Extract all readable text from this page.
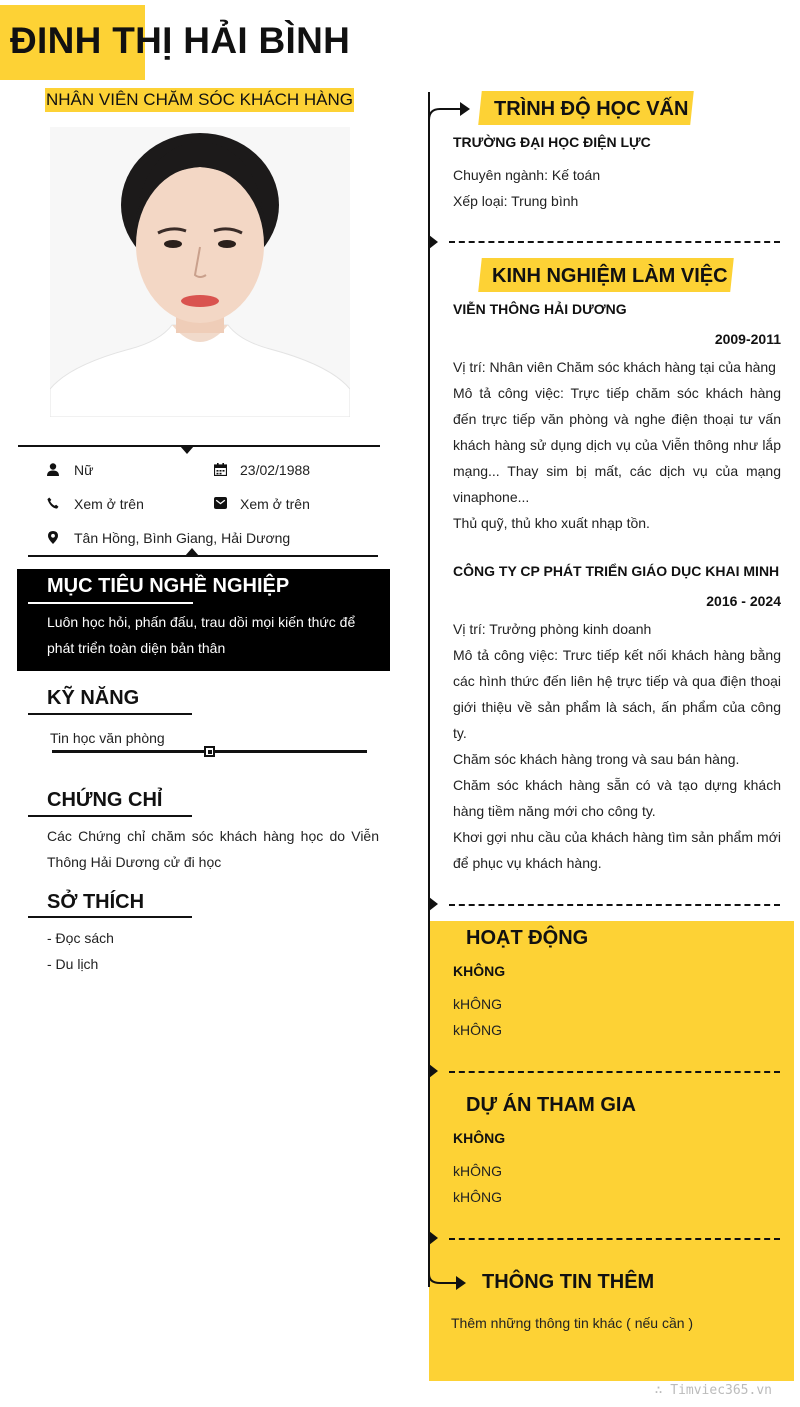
ĐINH THỊ HẢI BÌNH
NHÂN VIÊN CHĂM SÓC KHÁCH HÀNG
Nữ	23/02/1988
Xem ở trên	Xem ở trên
Tân Hồng, Bình Giang, Hải Dương
MỤC TIÊU NGHỀ NGHIỆP
Luôn học hỏi, phấn đấu, trau dồi mọi kiến thức để phát triển toàn diện bản thân
KỸ NĂNG
Tin học văn phòng
CHỨNG CHỈ
Các Chứng chỉ chăm sóc khách hàng học do Viễn Thông Hải Dương cử đi học
SỞ THÍCH
- Đọc sách
- Du lịch
TRÌNH ĐỘ HỌC VẤN
TRƯỜNG ĐẠI HỌC ĐIỆN LỰC
Chuyên ngành: Kế toán
Xếp loại: Trung bình
KINH NGHIỆM LÀM VIỆC
VIỄN THÔNG HẢI DƯƠNG
2009-2011
Vị trí: Nhân viên Chăm sóc khách hàng tại của hàng
Mô tả công việc: Trực tiếp chăm sóc khách hàng đến trực tiếp văn phòng và nghe điện thoại tư vấn khách hàng sử dụng dịch vụ của Viễn thông như lắp mạng... Thay sim bị mất, các dịch vụ của mạng vinaphone...
Thủ quỹ, thủ kho xuất nhạp tồn.
CÔNG TY CP PHÁT TRIỂN GIÁO DỤC KHAI MINH
2016 - 2024
Vị trí: Trưởng phòng kinh doanh
Mô tả công việc: Trưc tiếp kết nối khách hàng bằng các hình thức đến liên hệ trực tiếp và qua điện thoại giới thiệu về sản phẩm là sách, ấn phẩm của công ty.
Chăm sóc khách hàng trong và sau bán hàng.
Chăm sóc khách hàng sẵn có và tạo dựng khách hàng tiềm năng mới cho công ty.
Khơi gợi nhu cầu của khách hàng tìm sản phẩm mới để phục vụ khách hàng.
HOẠT ĐỘNG
KHÔNG
kHÔNG
kHÔNG
DỰ ÁN THAM GIA
KHÔNG
kHÔNG
kHÔNG
THÔNG TIN THÊM
Thêm những thông tin khác ( nếu cần )
∴ Timviec365.vn
